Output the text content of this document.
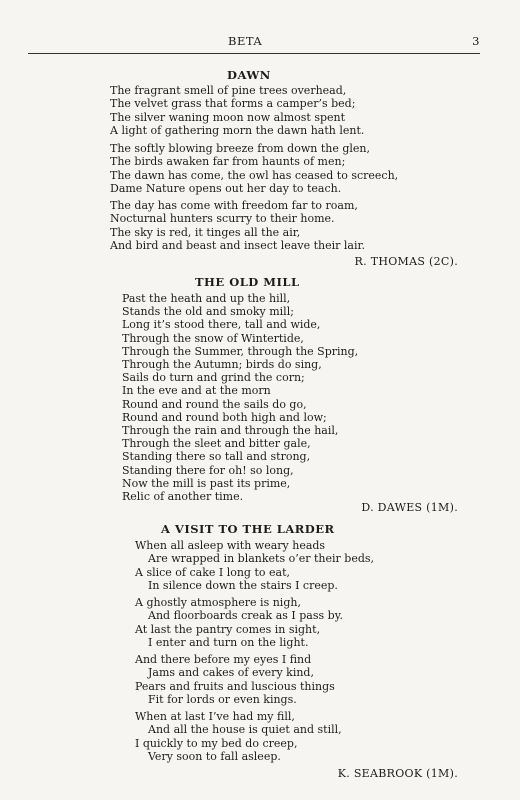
BETA	3
DAWN
The fragrant smell of pine trees overhead,
The velvet grass that forms a camper’s bed;
The silver waning moon now almost spent
A light of gathering morn the dawn hath lent.
The softly blowing breeze from down the glen,
The birds awaken far from haunts of men;
The dawn has come, the owl has ceased to screech,
Dame Nature opens out her day to teach.
The day has come with freedom far to roam,
Nocturnal hunters scurry to their home.
The sky is red, it tinges all the air,
And bird and beast and insect leave their lair.
R. THOMAS (2C).
THE OLD MILL
Past the heath and up the hill,
Stands the old and smoky mill;
Long it’s stood there, tall and wide,
Through the snow of Wintertide,
Through the Summer, through the Spring,
Through the Autumn; birds do sing,
Sails do turn and grind the corn;
In the eve and at the morn
Round and round the sails do go,
Round and round both high and low;
Through the rain and through the hail,
Through the sleet and bitter gale,
Standing there so tall and strong,
Standing there for oh! so long,
Now the mill is past its prime,
Relic of another time.
D. DAWES (1M).
A VISIT TO THE LARDER
When all asleep with weary heads
Are wrapped in blankets o’er their beds,
A slice of cake I long to eat,
In silence down the stairs I creep.
A ghostly atmosphere is nigh,
And floorboards creak as I pass by.
At last the pantry comes in sight,
I enter and turn on the light.
And there before my eyes I find
Jams and cakes of every kind,
Pears and fruits and luscious things
Fit for lords or even kings.
When at last I’ve had my fill,
And all the house is quiet and still,
I quickly to my bed do creep,
Very soon to fall asleep.
K. SEABROOK (1M).
